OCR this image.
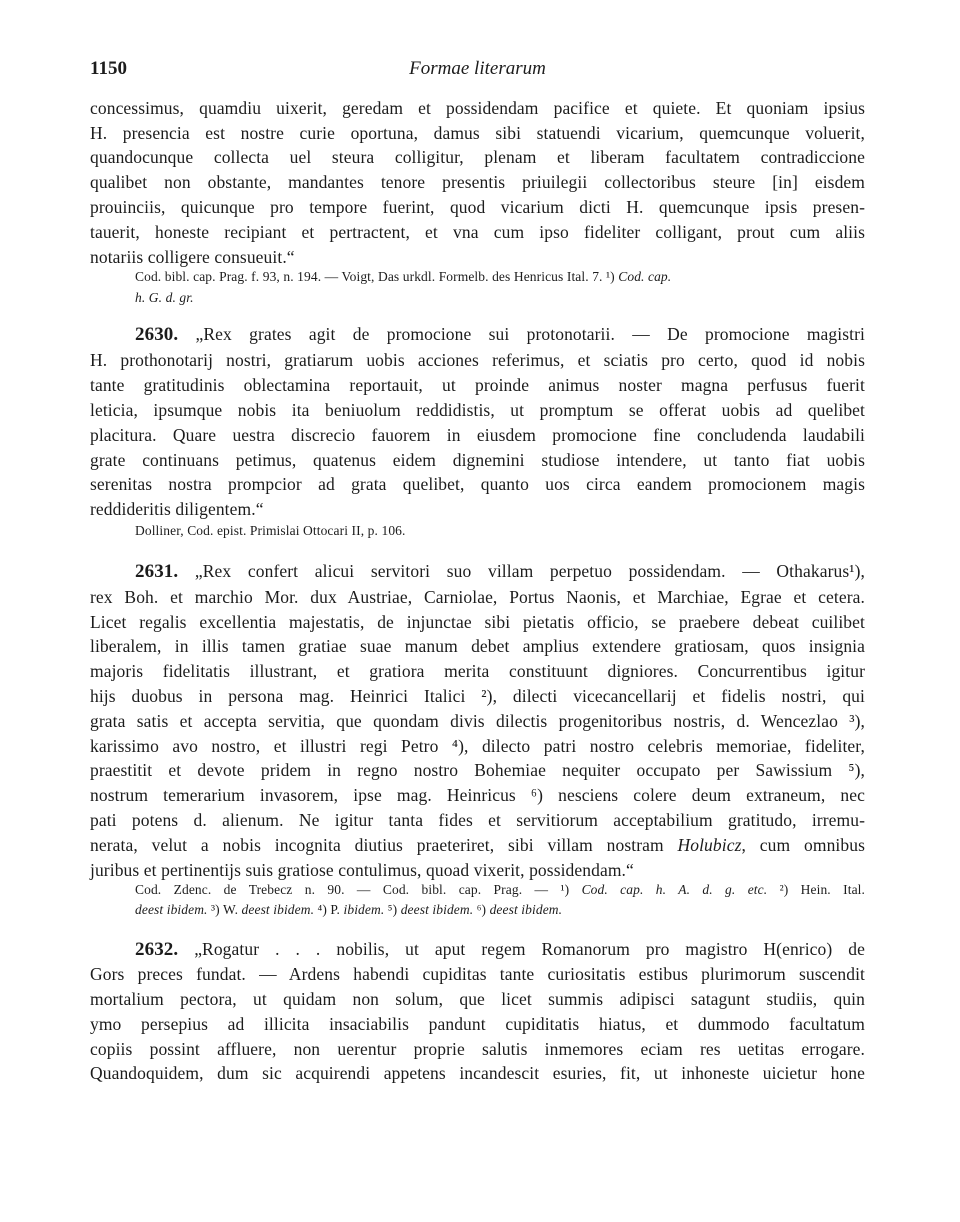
1150	Formae literarum
concessimus, quamdiu uixerit, geredam et possidendam pacifice et quiete. Et quoniam ipsius
H. presencia est nostre curie oportuna, damus sibi statuendi vicarium, quemcunque voluerit,
quandocunque collecta uel steura colligitur, plenam et liberam facultatem contradiccione
qualibet non obstante, mandantes tenore presentis priuilegii collectoribus steure [in] eisdem
prouinciis, quicunque pro tempore fuerint, quod vicarium dicti H. quemcunque ipsis presen-
tauerit, honeste recipiant et pertractent, et vna cum ipso fideliter colligant, prout cum aliis
notariis colligere consueuit.“
Cod. bibl. cap. Prag. f. 93, n. 194. — Voigt, Das urkdl. Formelb. des Henricus Ital. 7. ¹) Cod. cap.
h. G. d. gr.
2630. „Rex grates agit de promocione sui protonotarii. — De promocione magistri
H. prothonotarij nostri, gratiarum uobis acciones referimus, et sciatis pro certo, quod id nobis
tante gratitudinis oblectamina reportauit, ut proinde animus noster magna perfusus fuerit
leticia, ipsumque nobis ita beniuolum reddidistis, ut promptum se offerat uobis ad quelibet
placitura. Quare uestra discrecio fauorem in eiusdem promocione fine concludenda laudabili
grate continuans petimus, quatenus eidem dignemini studiose intendere, ut tanto fiat uobis
serenitas nostra prompcior ad grata quelibet, quanto uos circa eandem promocionem magis
reddideritis diligentem.“
Dolliner, Cod. epist. Primislai Ottocari II, p. 106.
2631. „Rex confert alicui servitori suo villam perpetuo possidendam. — Othakarus¹),
rex Boh. et marchio Mor. dux Austriae, Carniolae, Portus Naonis, et Marchiae, Egrae et cetera.
Licet regalis excellentia majestatis, de injunctae sibi pietatis officio, se praebere debeat cuilibet
liberalem, in illis tamen gratiae suae manum debet amplius extendere gratiosam, quos insignia
majoris fidelitatis illustrant, et gratiora merita constituunt digniores. Concurrentibus igitur
hijs duobus in persona mag. Heinrici Italici ²), dilecti vicecancellarij et fidelis nostri, qui
grata satis et accepta servitia, que quondam divis dilectis progenitoribus nostris, d. Wencezlao ³),
karissimo avo nostro, et illustri regi Petro ⁴), dilecto patri nostro celebris memoriae, fideliter,
praestitit et devote pridem in regno nostro Bohemiae nequiter occupato per Sawissium ⁵),
nostrum temerarium invasorem, ipse mag. Heinricus ⁶) nesciens colere deum extraneum, nec
pati potens d. alienum. Ne igitur tanta fides et servitiorum acceptabilium gratitudo, irremu-
nerata, velut a nobis incognita diutius praeteriret, sibi villam nostram Holubicz, cum omnibus
juribus et pertinentijs suis gratiose contulimus, quoad vixerit, possidendam.“
Cod. Zdenc. de Trebecz n. 90. — Cod. bibl. cap. Prag. — ¹) Cod. cap. h. A. d. g. etc. ²) Hein. Ital.
deest ibidem. ³) W. deest ibidem. ⁴) P. ibidem. ⁵) deest ibidem. ⁶) deest ibidem.
2632. „Rogatur . . . nobilis, ut aput regem Romanorum pro magistro H(enrico) de
Gors preces fundat. — Ardens habendi cupiditas tante curiositatis estibus plurimorum suscendit
mortalium pectora, ut quidam non solum, que licet summis adipisci satagunt studiis, quin
ymo persepius ad illicita insaciabilis pandunt cupiditatis hiatus, et dummodo facultatum
copiis possint affluere, non uerentur proprie salutis inmemores eciam res uetitas errogare.
Quandoquidem, dum sic acquirendi appetens incandescit esuries, fit, ut inhoneste uicietur hone
